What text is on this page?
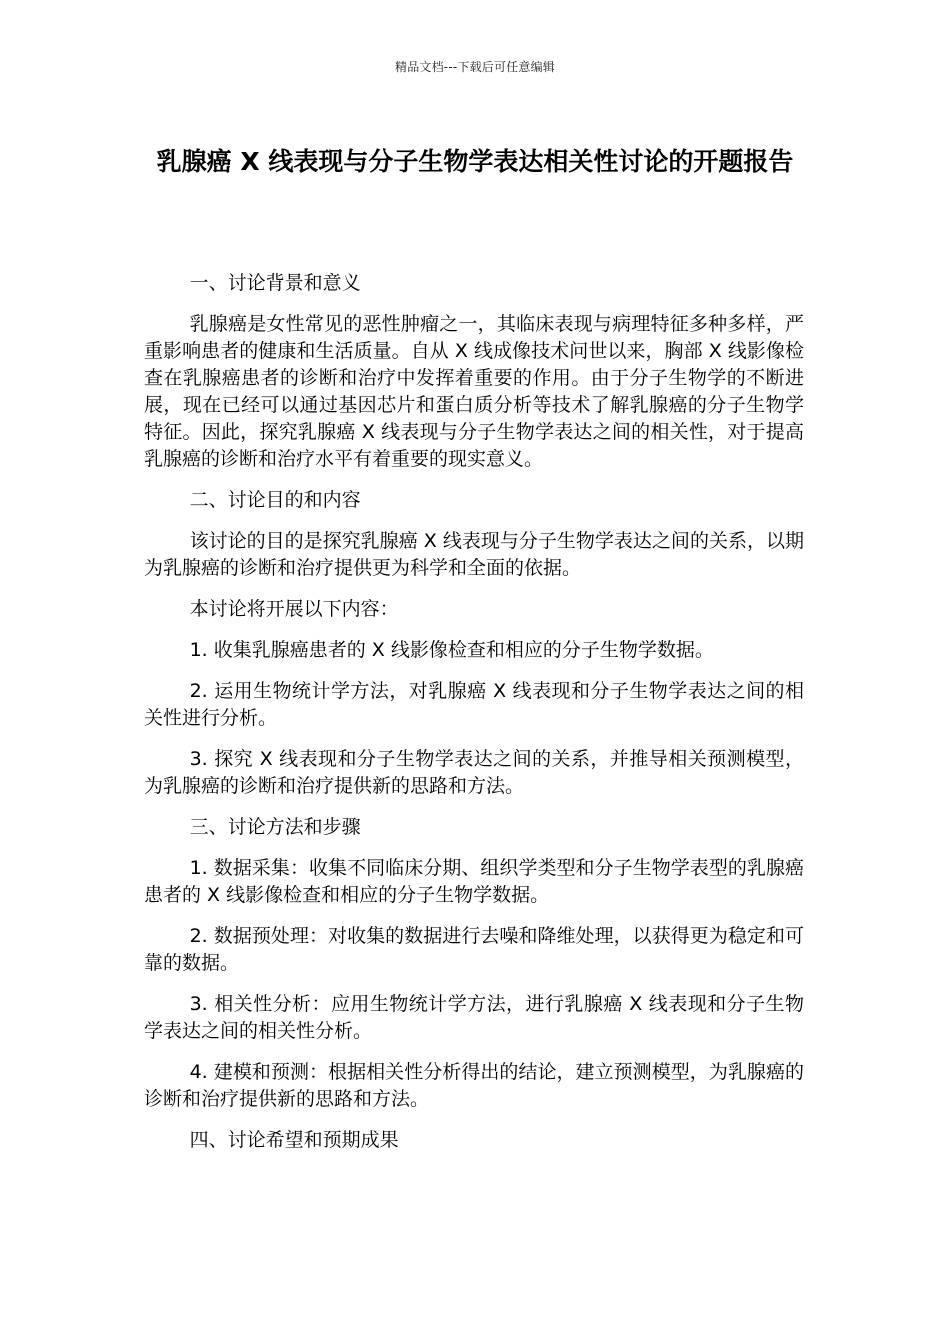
精品文档---下载后可任意编辑
乳腺癌 X 线表现与分子生物学表达相关性讨论的开题报告

一、讨论背景和意义

乳腺癌是女性常见的恶性肿瘤之一，其临床表现与病理特征多种多样，严重影响患者的健康和生活质量。自从 X 线成像技术问世以来，胸部 X 线影像检查在乳腺癌患者的诊断和治疗中发挥着重要的作用。由于分子生物学的不断进展，现在已经可以通过基因芯片和蛋白质分析等技术了解乳腺癌的分子生物学特征。因此，探究乳腺癌 X 线表现与分子生物学表达之间的相关性，对于提高乳腺癌的诊断和治疗水平有着重要的现实意义。

二、讨论目的和内容

该讨论的目的是探究乳腺癌 X 线表现与分子生物学表达之间的关系，以期为乳腺癌的诊断和治疗提供更为科学和全面的依据。

本讨论将开展以下内容：

1. 收集乳腺癌患者的 X 线影像检查和相应的分子生物学数据。

2. 运用生物统计学方法，对乳腺癌 X 线表现和分子生物学表达之间的相关性进行分析。

3. 探究 X 线表现和分子生物学表达之间的关系，并推导相关预测模型，为乳腺癌的诊断和治疗提供新的思路和方法。

三、讨论方法和步骤

1. 数据采集：收集不同临床分期、组织学类型和分子生物学表型的乳腺癌患者的 X 线影像检查和相应的分子生物学数据。

2. 数据预处理：对收集的数据进行去噪和降维处理，以获得更为稳定和可靠的数据。

3. 相关性分析：应用生物统计学方法，进行乳腺癌 X 线表现和分子生物学表达之间的相关性分析。

4. 建模和预测：根据相关性分析得出的结论，建立预测模型，为乳腺癌的诊断和治疗提供新的思路和方法。

四、讨论希望和预期成果
